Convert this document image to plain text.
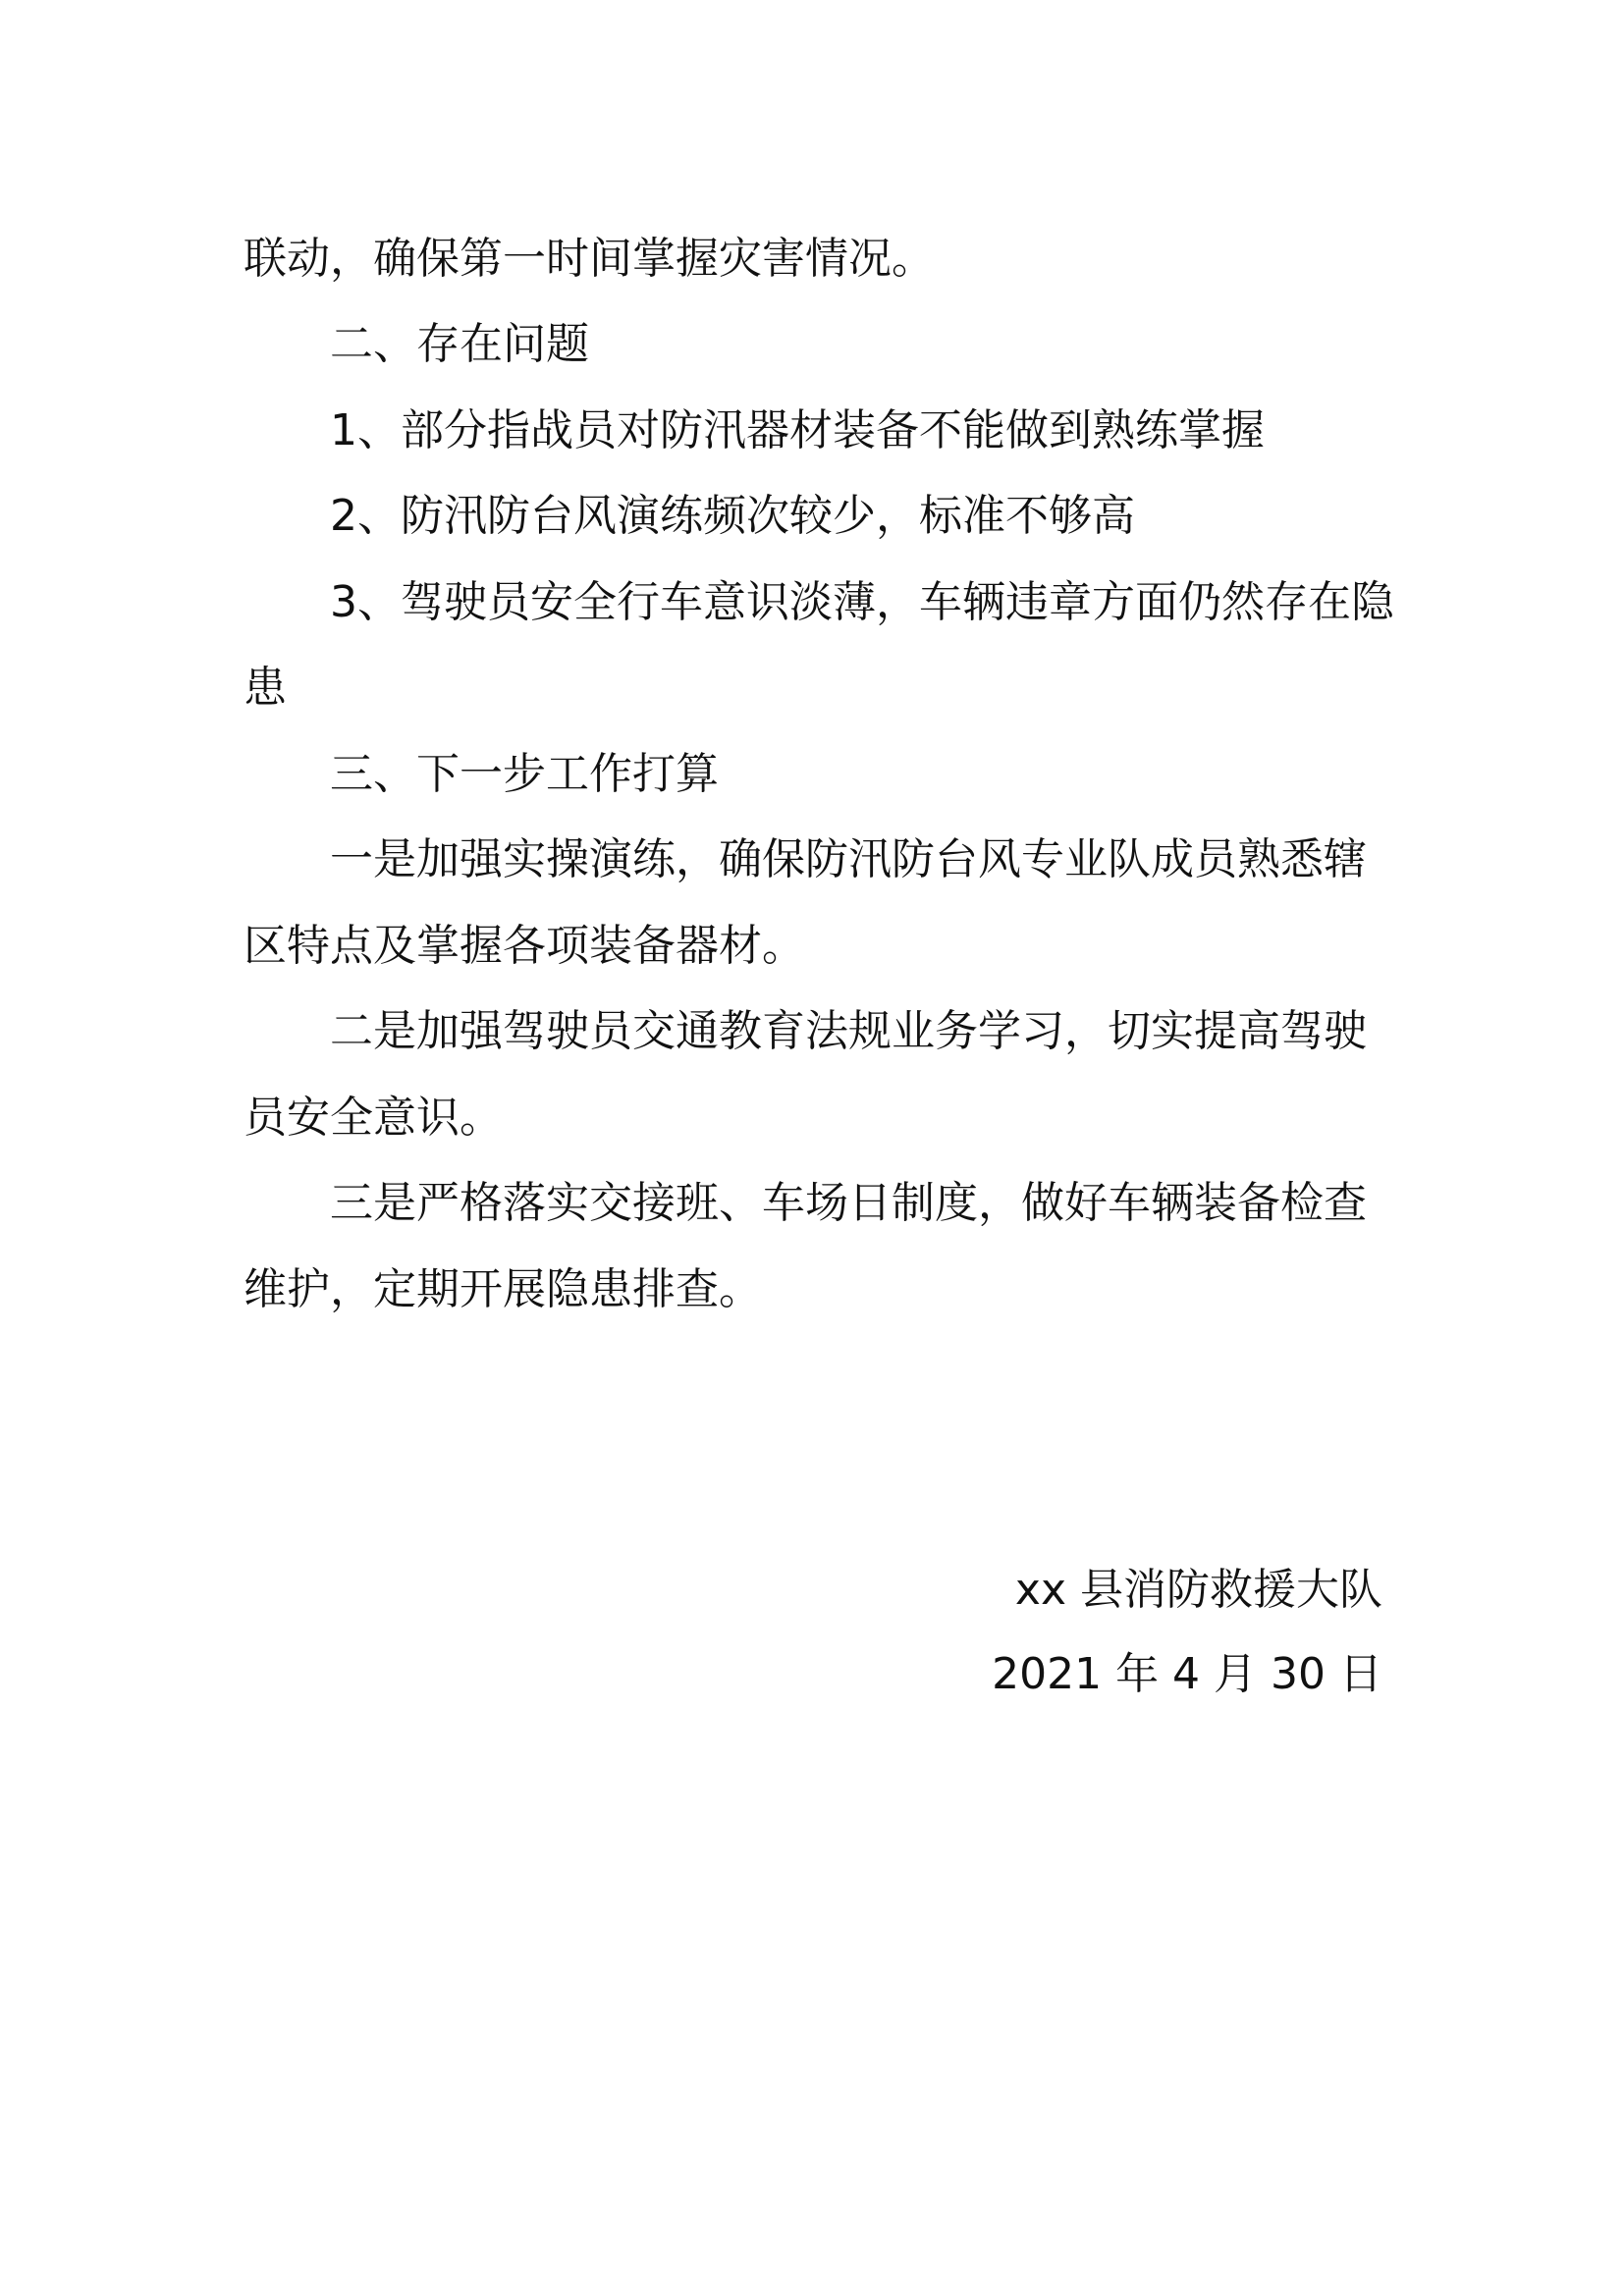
联动，确保第一时间掌握灾害情况。
二、存在问题
1、部分指战员对防汛器材装备不能做到熟练掌握
2、防汛防台风演练频次较少，标准不够高
3、驾驶员安全行车意识淡薄，车辆违章方面仍然存在隐
患
三、下一步工作打算
一是加强实操演练，确保防汛防台风专业队成员熟悉辖
区特点及掌握各项装备器材。
二是加强驾驶员交通教育法规业务学习，切实提高驾驶
员安全意识。
三是严格落实交接班、车场日制度，做好车辆装备检查
维护，定期开展隐患排查。
xx 县消防救援大队
2021 年 4 月 30 日
